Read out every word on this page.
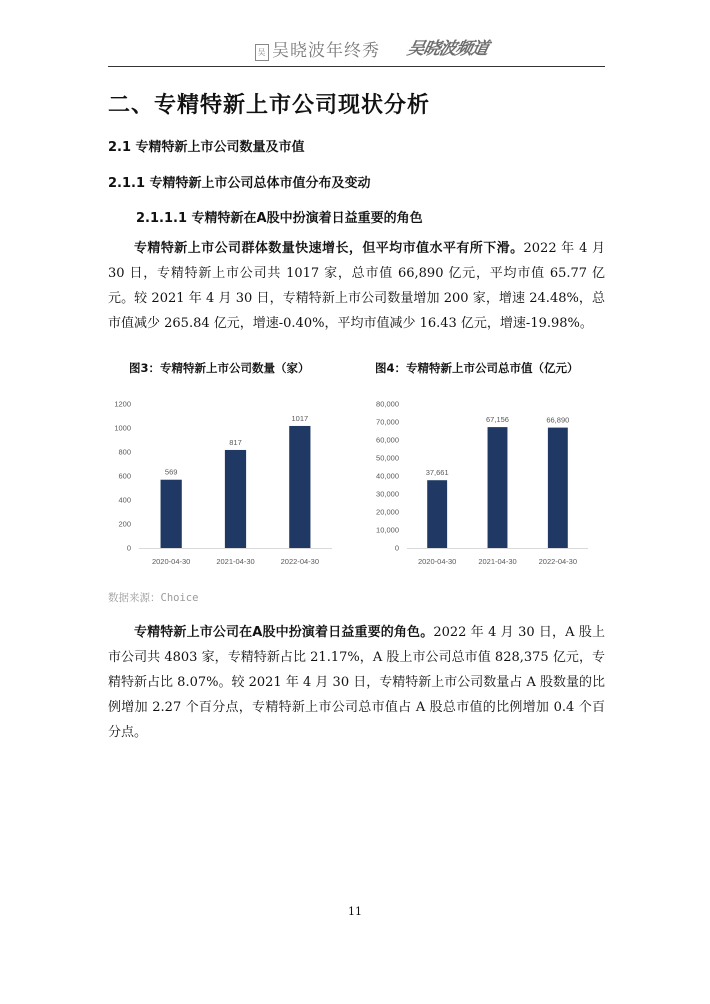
吴 吴晓波年终秀 吴晓波频道
二、专精特新上市公司现状分析
2.1 专精特新上市公司数量及市值
2.1.1 专精特新上市公司总体市值分布及变动
2.1.1.1 专精特新在A股中扮演着日益重要的角色
专精特新上市公司群体数量快速增长，但平均市值水平有所下滑。2022 年 4 月 30 日，专精特新上市公司共 1017 家，总市值 66,890 亿元，平均市值 65.77 亿元。较 2021 年 4 月 30 日，专精特新上市公司数量增加 200 家，增速 24.48%，总市值减少 265.84 亿元，增速-0.40%，平均市值减少 16.43 亿元，增速-19.98%。
图3：专精特新上市公司数量（家）	图4：专精特新上市公司总市值（亿元）
0
200
400
600
800
1000
1200
569
2020-04-30
817
2021-04-30
1017
2022-04-30
0
10,000
20,000
30,000
40,000
50,000
60,000
70,000
80,000
37,661
2020-04-30
67,156
2021-04-30
66,890
2022-04-30
数据来源：Choice
专精特新上市公司在A股中扮演着日益重要的角色。2022 年 4 月 30 日，A 股上市公司共 4803 家，专精特新占比 21.17%，A 股上市公司总市值 828,375 亿元，专精特新占比 8.07%。较 2021 年 4 月 30 日，专精特新上市公司数量占 A 股数量的比例增加 2.27 个百分点，专精特新上市公司总市值占 A 股总市值的比例增加 0.4 个百分点。
11
